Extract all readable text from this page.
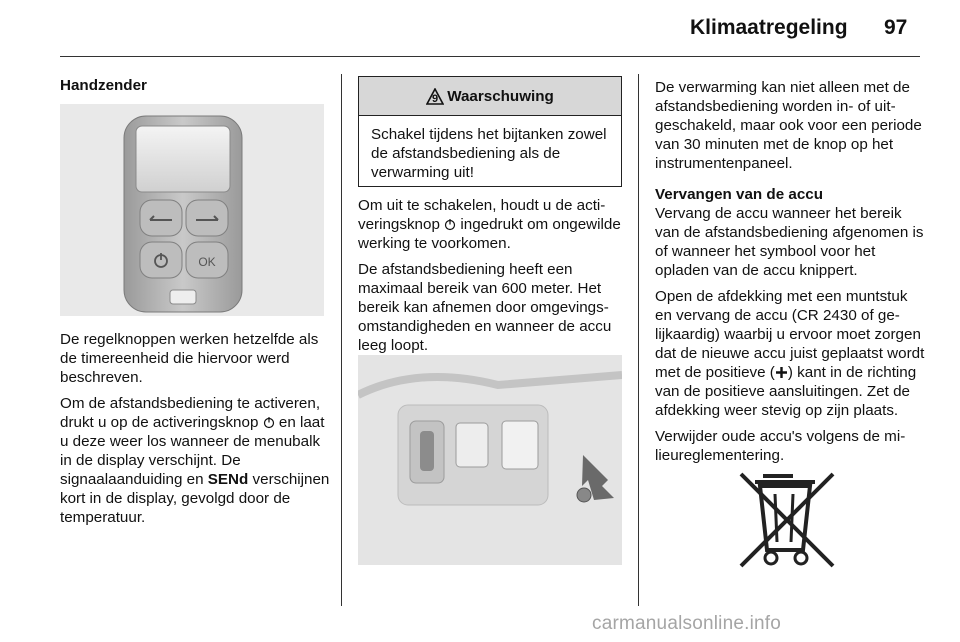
Klimaatregeling 97

Handzender

OK

De regelknoppen werken hetzelfde als de timereenheid die hiervoor werd beschreven.

Om de afstandsbediening te activeren, drukt u op de activeringsknop en laat u deze weer los wanneer de menubalk in de display verschijnt. De signaalaanduiding en SENd verschijnen kort in de display, gevolgd door de temperatuur.

9 Waarschuwing
Schakel tijdens het bijtanken zowel de afstandsbediening als de verwarming uit!

Om uit te schakelen, houdt u de activeringsknop ingedrukt om ongewilde werking te voorkomen.

De afstandsbediening heeft een maximaal bereik van 600 meter. Het bereik kan afnemen door omgevingsomstandigheden en wanneer de accu leeg loopt.

De verwarming kan niet alleen met de afstandsbediening worden in- of uitgeschakeld, maar ook voor een periode van 30 minuten met de knop op het instrumentenpaneel.

Vervangen van de accu

Vervang de accu wanneer het bereik van de afstandsbediening afgenomen is of wanneer het symbool voor het opladen van de accu knippert.

Open de afdekking met een muntstuk en vervang de accu (CR 2430 of gelijkaardig) waarbij u ervoor moet zorgen dat de nieuwe accu juist geplaatst wordt met de positieve ( ) kant in de richting van de positieve aansluitingen. Zet de afdekking weer stevig op zijn plaats.

Verwijder oude accu's volgens de milieureglementering.

carmanualsonline.info
